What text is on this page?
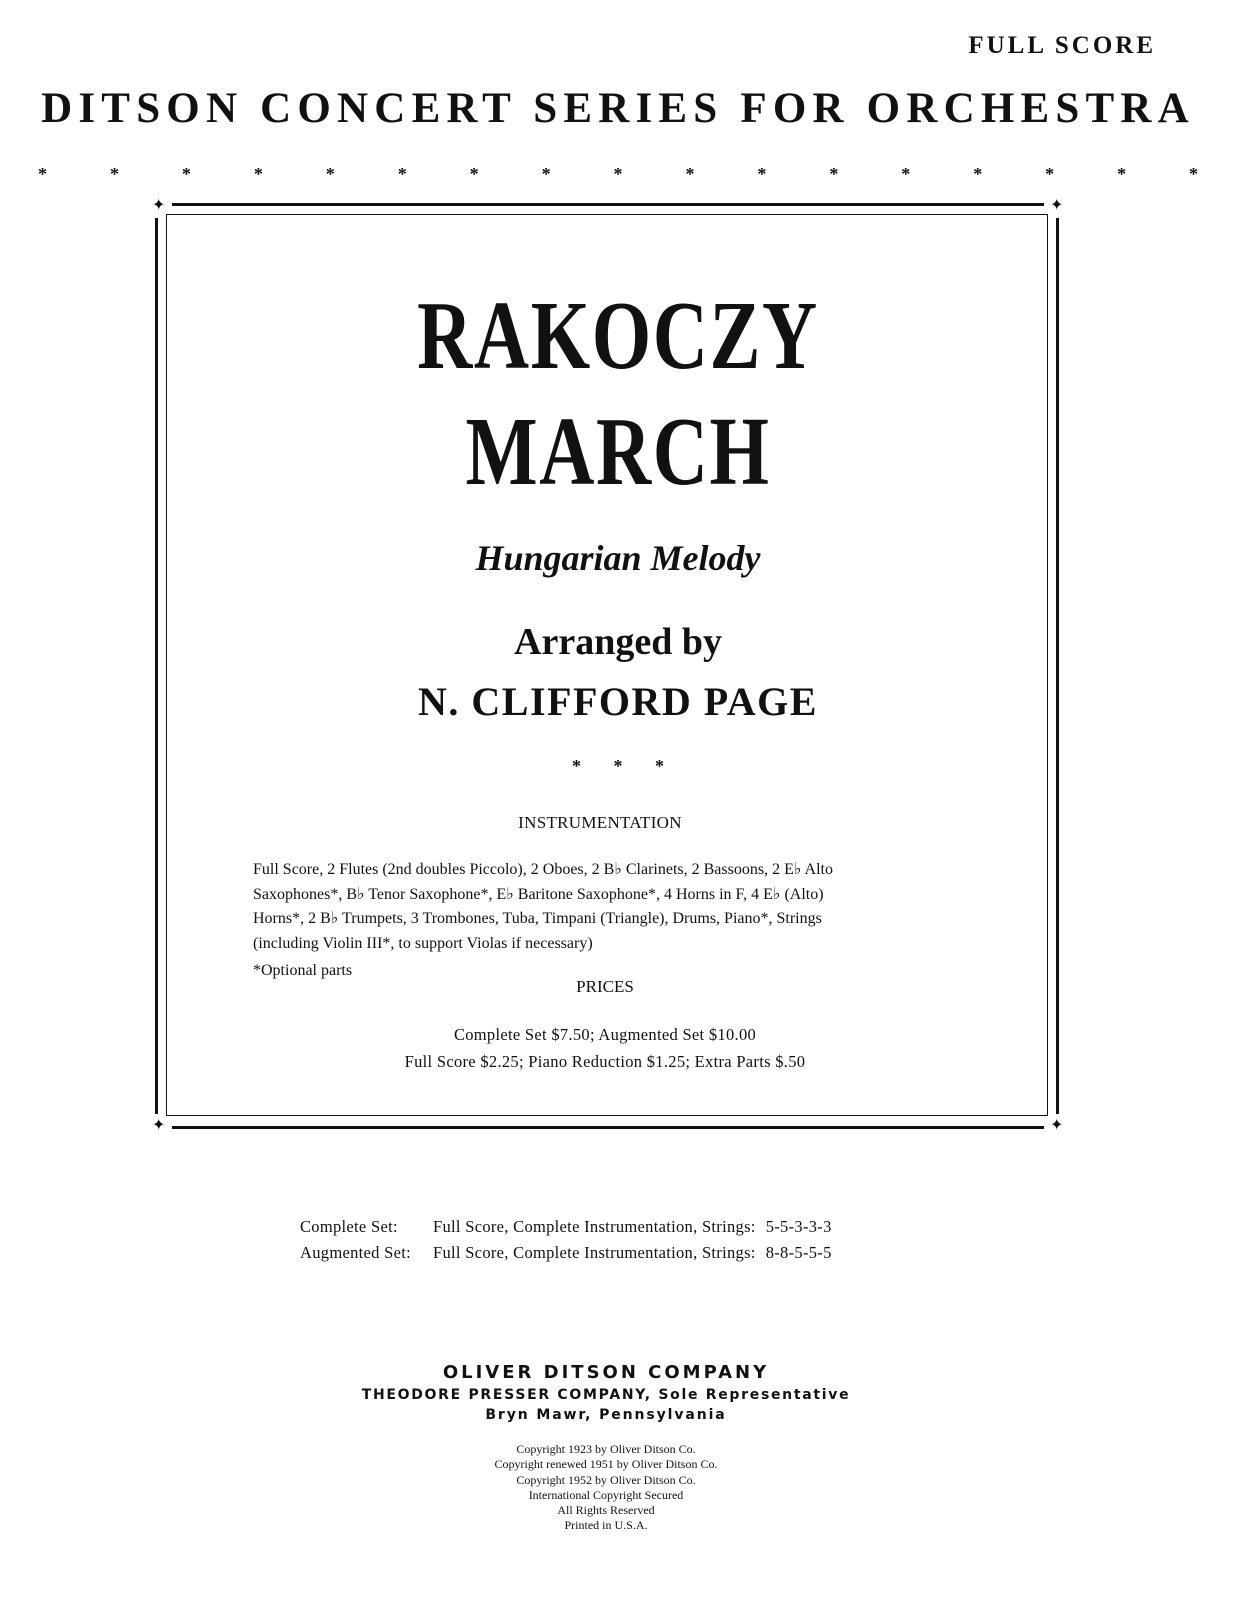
FULL SCORE
DITSON CONCERT SERIES FOR ORCHESTRA
*	*	*	*	*	*	*	*	*	*	*	*	*	*	*	*	*
✦	✦
✦	✦
RAKOCZY
MARCH
Hungarian Melody
Arranged by
N. CLIFFORD PAGE
* * *
INSTRUMENTATION
Full Score, 2 Flutes (2nd doubles Piccolo), 2 Oboes, 2 B♭ Clarinets, 2 Bassoons, 2 E♭ Alto
Saxophones*, B♭ Tenor Saxophone*, E♭ Baritone Saxophone*, 4 Horns in F, 4 E♭ (Alto)
Horns*, 2 B♭ Trumpets, 3 Trombones, Tuba, Timpani (Triangle), Drums, Piano*, Strings
(including Violin III*, to support Violas if necessary)
*Optional parts
PRICES
Complete Set $7.50; Augmented Set $10.00
Full Score $2.25; Piano Reduction $1.25; Extra Parts $.50
Complete Set: Full Score, Complete Instrumentation, Strings: 5-5-3-3-3
Augmented Set: Full Score, Complete Instrumentation, Strings: 8-8-5-5-5
OLIVER DITSON COMPANY
THEODORE PRESSER COMPANY, Sole Representative
Bryn Mawr, Pennsylvania
Copyright 1923 by Oliver Ditson Co.
Copyright renewed 1951 by Oliver Ditson Co.
Copyright 1952 by Oliver Ditson Co.
International Copyright Secured
All Rights Reserved
Printed in U.S.A.
